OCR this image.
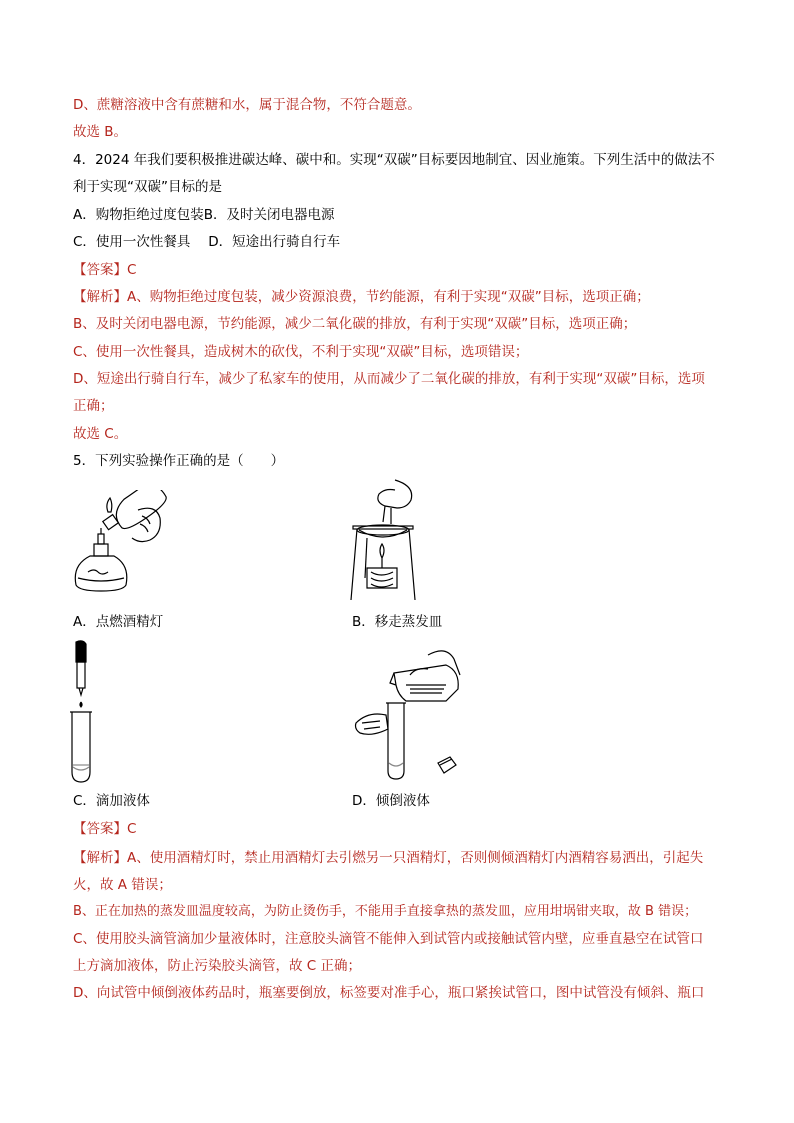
D、蔗糖溶液中含有蔗糖和水，属于混合物，不符合题意。
故选 B。
4．2024 年我们要积极推进碳达峰、碳中和。实现“双碳”目标要因地制宜、因业施策。下列生活中的做法不
利于实现“双碳”目标的是
A．购物拒绝过度包装B．及时关闭电器电源
C．使用一次性餐具　 D．短途出行骑自行车
【答案】C
【解析】A、购物拒绝过度包装，减少资源浪费，节约能源，有利于实现“双碳”目标，选项正确；
B、及时关闭电器电源，节约能源，减少二氧化碳的排放，有利于实现“双碳”目标，选项正确；
C、使用一次性餐具，造成树木的砍伐，不利于实现“双碳”目标，选项错误；
D、短途出行骑自行车，减少了私家车的使用，从而减少了二氧化碳的排放，有利于实现“双碳”目标，选项
正确；
故选 C。
5．下列实验操作正确的是（　　）
A．点燃酒精灯	B．移走蒸发皿
C．滴加液体	D．倾倒液体
【答案】C
【解析】A、使用酒精灯时，禁止用酒精灯去引燃另一只酒精灯，否则侧倾酒精灯内酒精容易洒出，引起失
火，故 A 错误；
B、正在加热的蒸发皿温度较高，为防止烫伤手，不能用手直接拿热的蒸发皿，应用坩埚钳夹取，故 B 错误；
C、使用胶头滴管滴加少量液体时，注意胶头滴管不能伸入到试管内或接触试管内壁，应垂直悬空在试管口
上方滴加液体，防止污染胶头滴管，故 C 正确；
D、向试管中倾倒液体药品时，瓶塞要倒放，标签要对准手心，瓶口紧挨试管口，图中试管没有倾斜、瓶口
